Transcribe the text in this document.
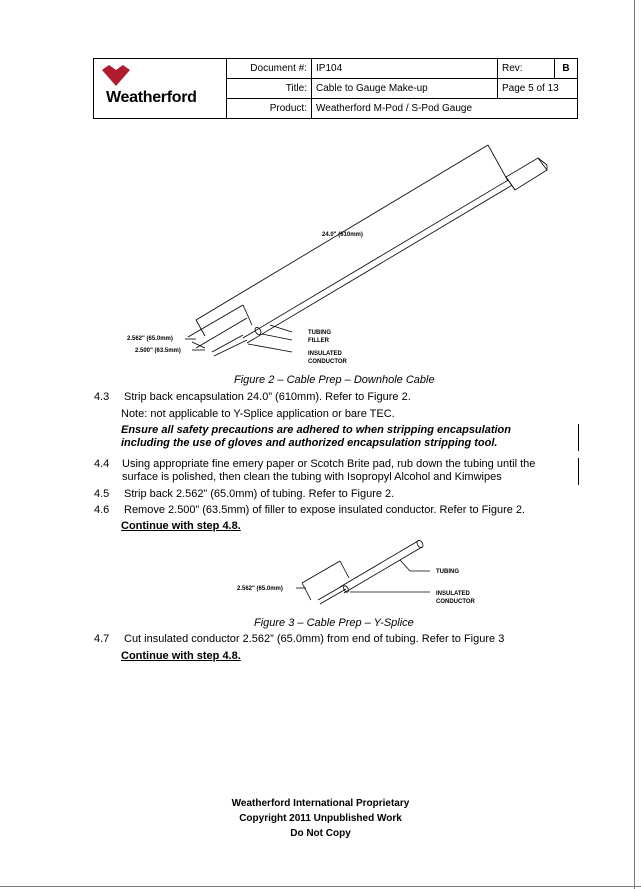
Weatherford	Document #:	IP104	Rev:	B
	Title:	Cable to Gauge Make-up	Page 5 of 13	
	Product:	Weatherford M-Pod / S-Pod Gauge		
24.0" (610mm)
2.562" (65.0mm)
2.500" (63.5mm)
TUBING
FILLER
INSULATED
CONDUCTOR
Figure 2 – Cable Prep – Downhole Cable
4.3 Strip back encapsulation 24.0” (610mm). Refer to Figure 2.
Note: not applicable to Y-Splice application or bare TEC.
Ensure all safety precautions are adhered to when stripping encapsulation
including the use of gloves and authorized encapsulation stripping tool.
4.4 Using appropriate fine emery paper or Scotch Brite pad, rub down the tubing until the
surface is polished, then clean the tubing with Isopropyl Alcohol and Kimwipes
4.5 Strip back 2.562” (65.0mm) of tubing. Refer to Figure 2.
4.6 Remove 2.500” (63.5mm) of filler to expose insulated conductor. Refer to Figure 2.
Continue with step 4.8.
2.562" (65.0mm)
TUBING
INSULATED
CONDUCTOR
Figure 3 – Cable Prep – Y-Splice
4.7 Cut insulated conductor 2.562” (65.0mm) from end of tubing. Refer to Figure 3
Continue with step 4.8.
Weatherford International Proprietary
Copyright 2011 Unpublished Work
Do Not Copy
